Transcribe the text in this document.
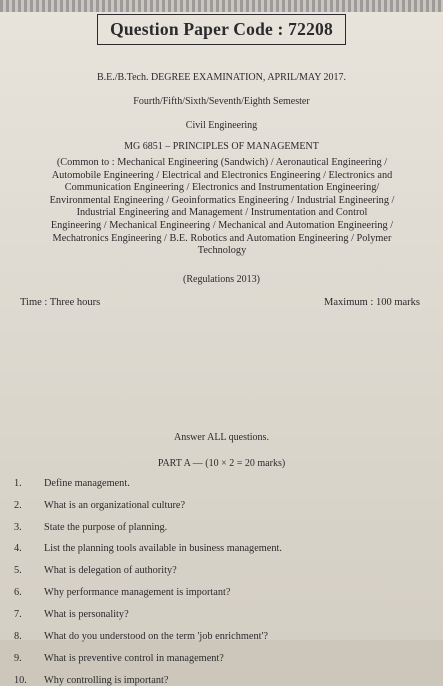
Question Paper Code : 72208
B.E./B.Tech. DEGREE EXAMINATION, APRIL/MAY 2017.
Fourth/Fifth/Sixth/Seventh/Eighth Semester
Civil Engineering
MG 6851 – PRINCIPLES OF MANAGEMENT
(Common to : Mechanical Engineering (Sandwich) / Aeronautical Engineering /
Automobile Engineering / Electrical and Electronics Engineering / Electronics and
Communication Engineering / Electronics and Instrumentation Engineering/
Environmental Engineering / Geoinformatics Engineering / Industrial Engineering /
Industrial Engineering and Management / Instrumentation and Control
Engineering / Mechanical Engineering / Mechanical and Automation Engineering /
Mechatronics Engineering / B.E. Robotics and Automation Engineering / Polymer
Technology
(Regulations 2013)
Time : Three hours	Maximum : 100 marks
Answer ALL questions.
PART A — (10 × 2 = 20 marks)
1.	Define management.
2.	What is an organizational culture?
3.	State the purpose of planning.
4.	List the planning tools available in business management.
5.	What is delegation of authority?
6.	Why performance management is important?
7.	What is personality?
8.	What do you understood on the term 'job enrichment'?
9.	What is preventive control in management?
10.	Why controlling is important?
